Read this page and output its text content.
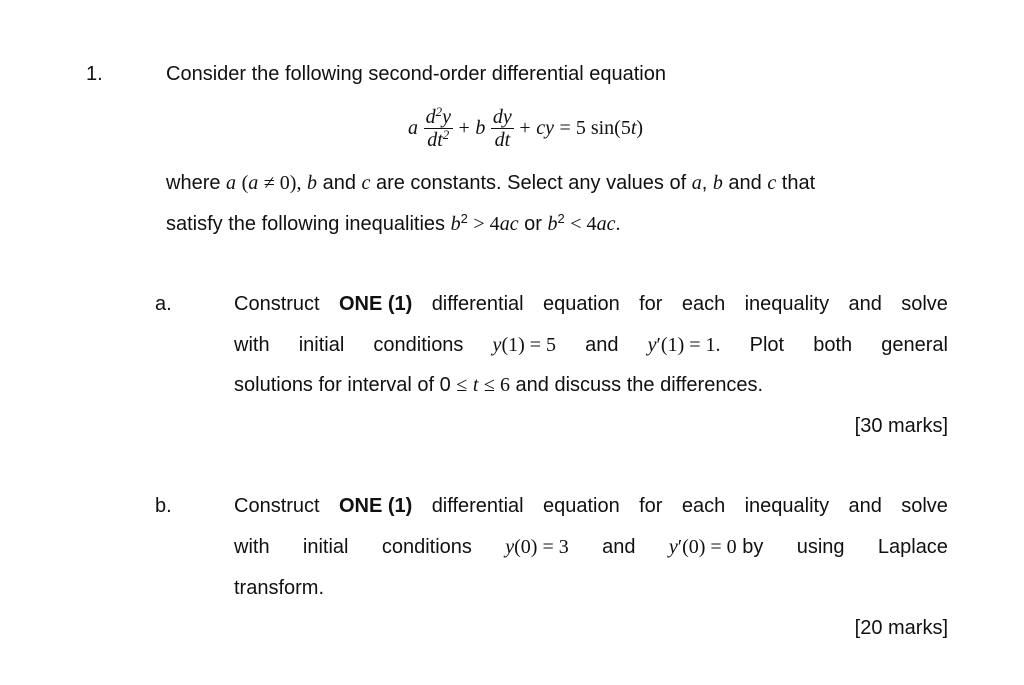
1.	Consider the following second-order differential equation
a $\frac{d^2y}{dt^2} + b \frac{dy}{dt}$ + cy = 5 sin(5t)
where a (a ≠ 0), b and c are constants. Select any values of a, b and c that
satisfy the following inequalities $b^2 > 4ac$ or $b^2 < 4ac$.
a.	Construct ONE (1) differential equation for each inequality and solve
with initial conditions y(1) = 5 and y′(1) = 1. Plot both general
solutions for interval of 0 ≤ t ≤ 6 and discuss the differences.
[30 marks]
b.	Construct ONE (1) differential equation for each inequality and solve
with initial conditions y(0) = 3 and y′(0) = 0 by using Laplace
transform.
[20 marks]
